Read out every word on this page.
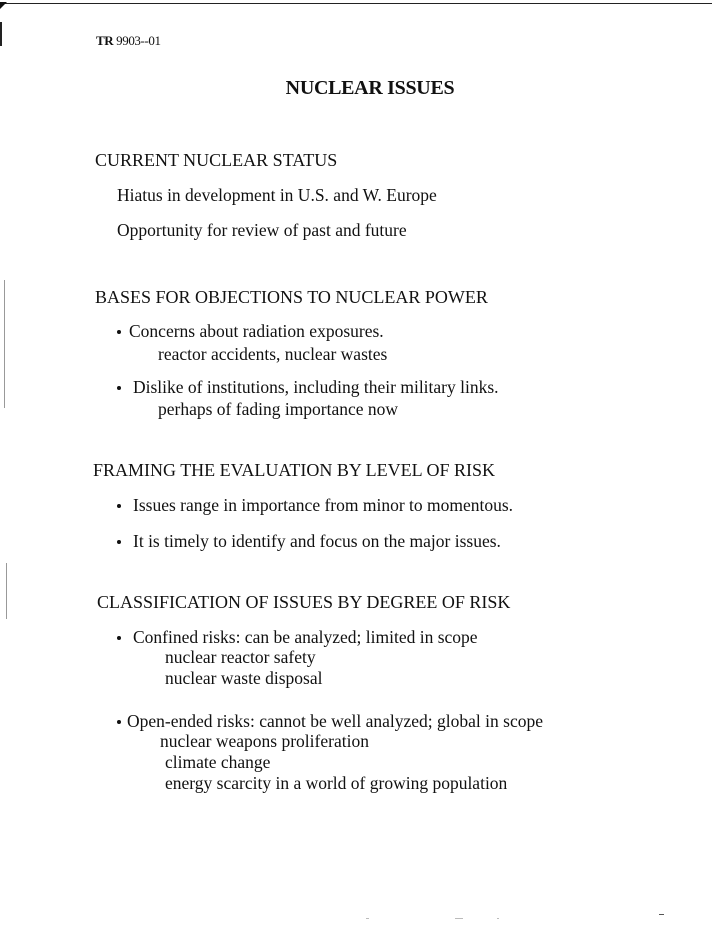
TR 9903--01
NUCLEAR ISSUES
CURRENT NUCLEAR STATUS
Hiatus in development in U.S. and W. Europe
Opportunity for review of past and future
BASES FOR OBJECTIONS TO NUCLEAR POWER
Concerns about radiation exposures.
reactor accidents, nuclear wastes
Dislike of institutions, including their military links.
perhaps of fading importance now
FRAMING THE EVALUATION BY LEVEL OF RISK
Issues range in importance from minor to momentous.
It is timely to identify and focus on the major issues.
CLASSIFICATION OF ISSUES BY DEGREE OF RISK
Confined risks: can be analyzed; limited in scope
nuclear reactor safety
nuclear waste disposal
Open-ended risks: cannot be well analyzed; global in scope
nuclear weapons proliferation
climate change
energy scarcity in a world of growing population
